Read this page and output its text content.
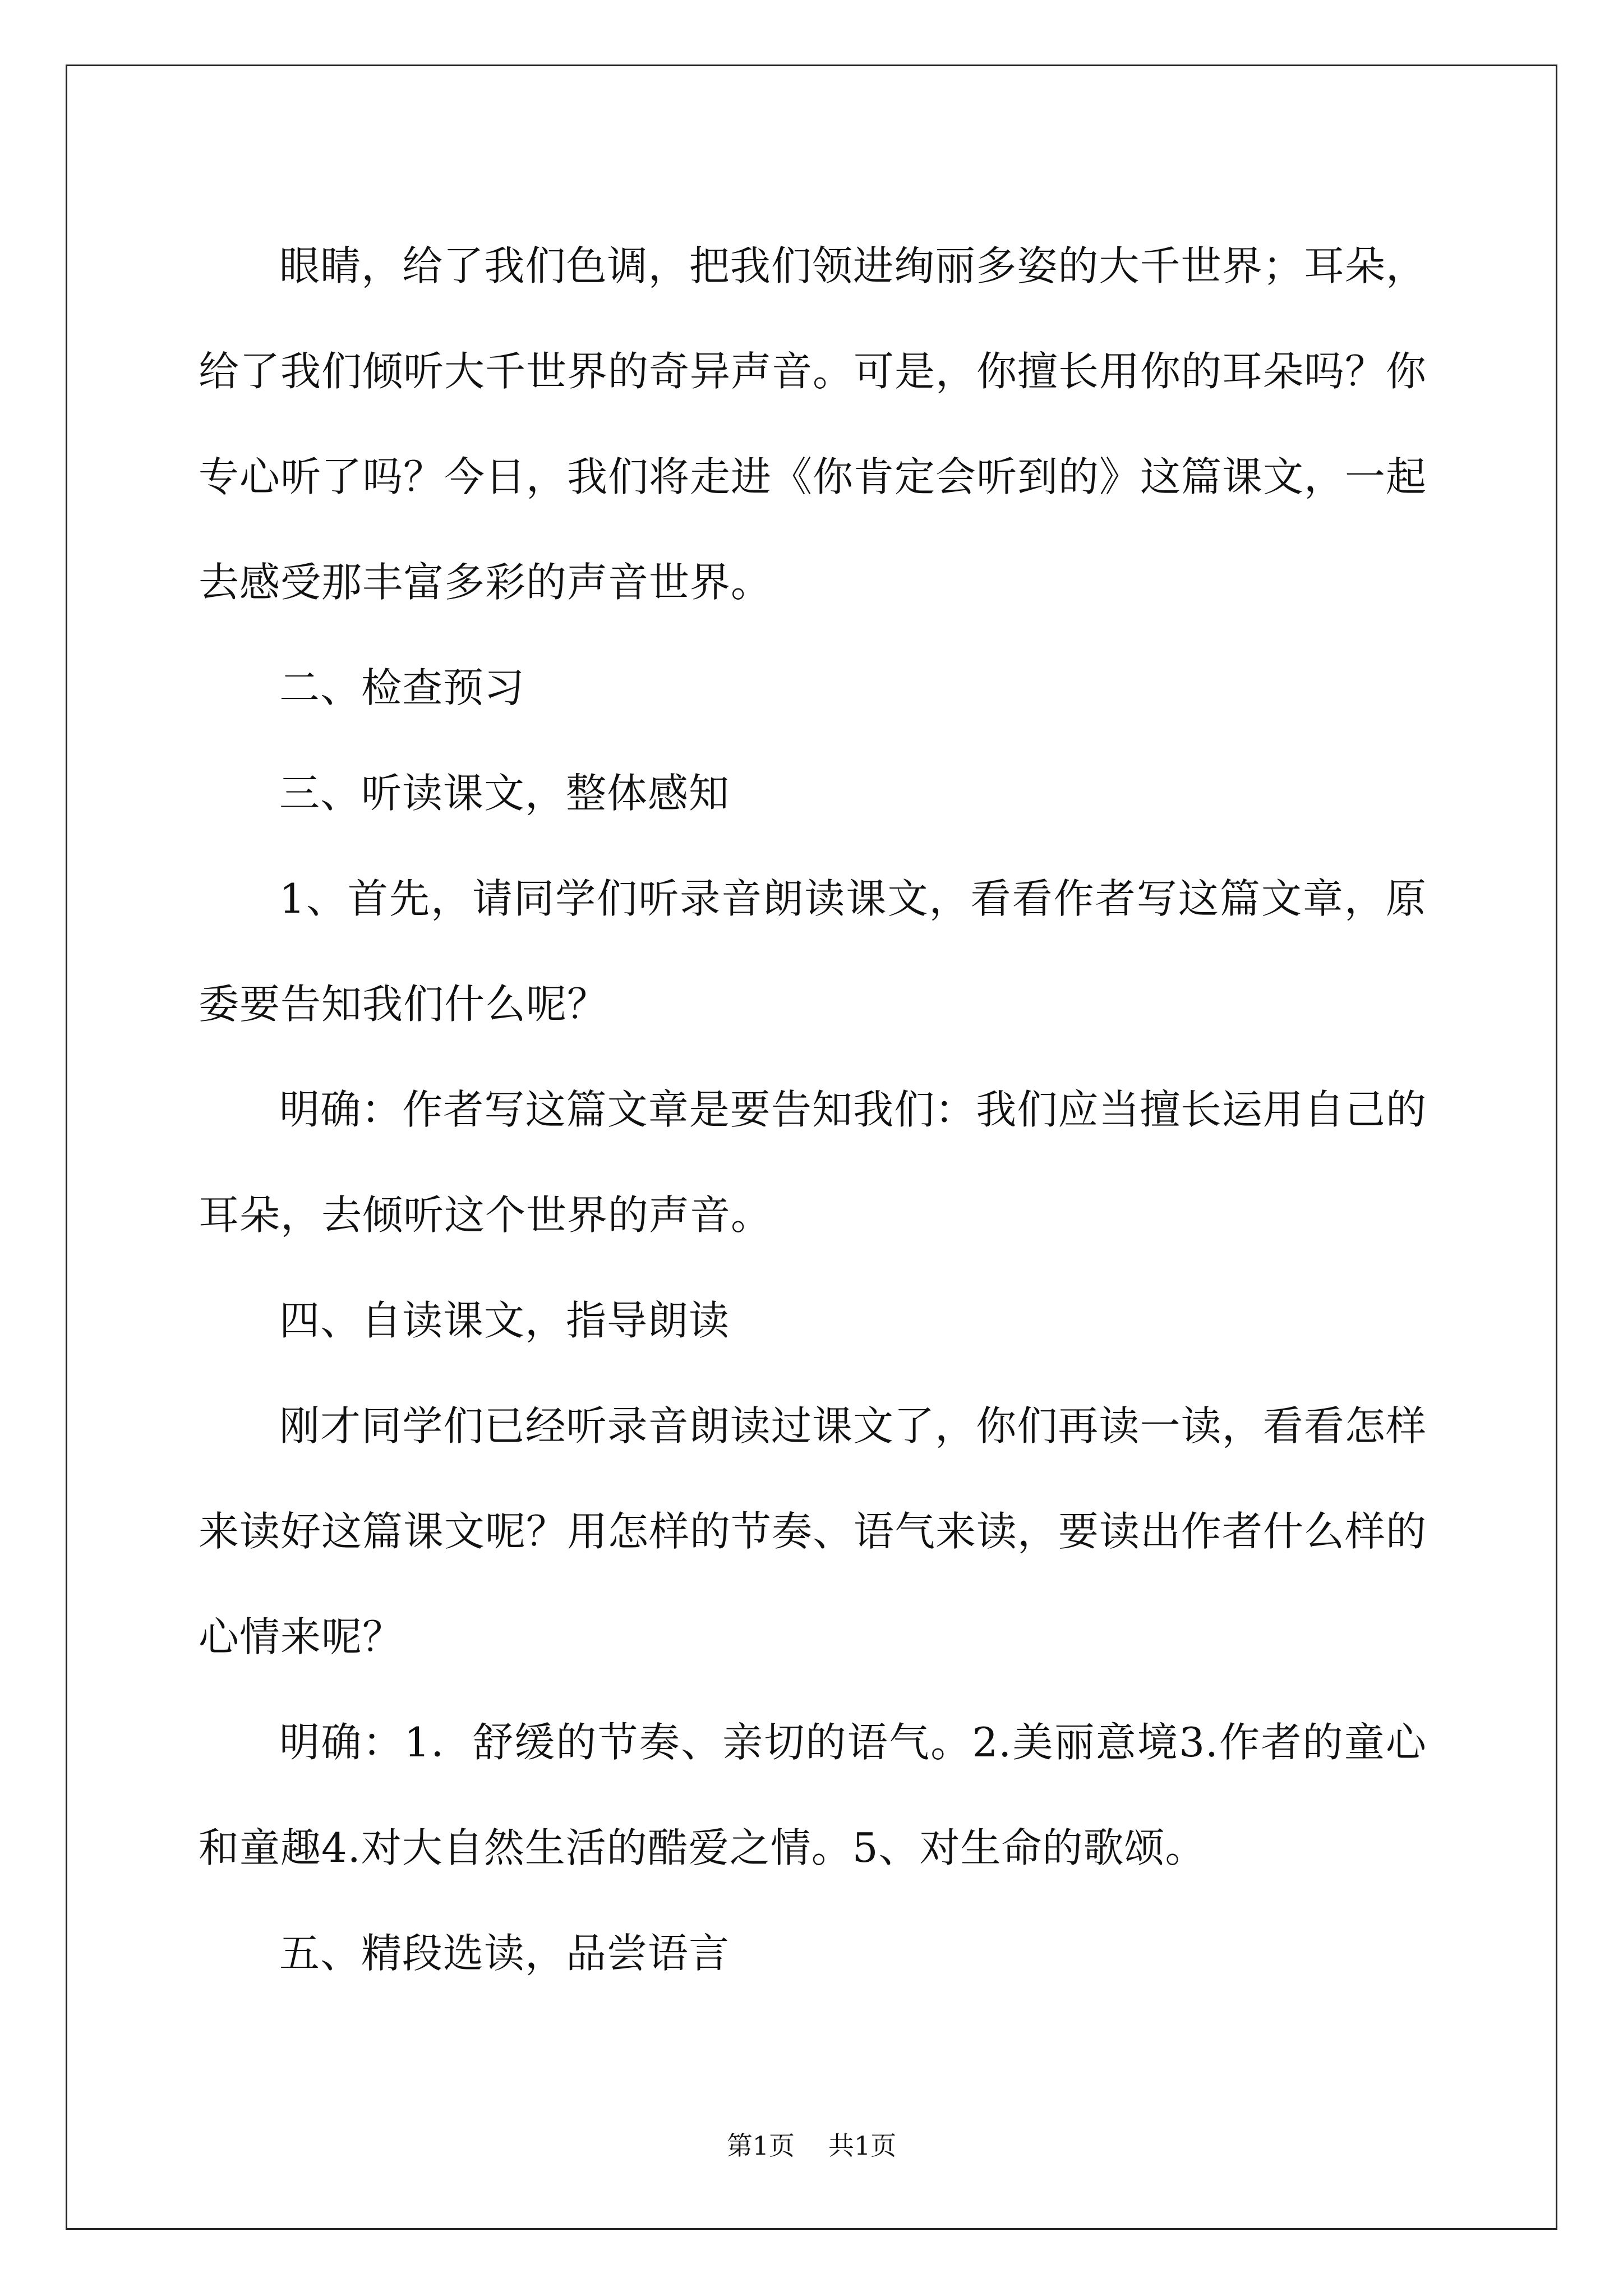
眼睛，给了我们色调，把我们领进绚丽多姿的大千世界；耳朵，给了我们倾听大千世界的奇异声音。可是，你擅长用你的耳朵吗？你专心听了吗？今日，我们将走进《你肯定会听到的》这篇课文，一起去感受那丰富多彩的声音世界。

二、检查预习

三、听读课文，整体感知

1、首先，请同学们听录音朗读课文，看看作者写这篇文章，原委要告知我们什么呢？

明确：作者写这篇文章是要告知我们：我们应当擅长运用自己的耳朵，去倾听这个世界的声音。

四、自读课文，指导朗读

刚才同学们已经听录音朗读过课文了，你们再读一读，看看怎样来读好这篇课文呢？用怎样的节奏、语气来读，要读出作者什么样的心情来呢？

明确：1．舒缓的节奏、亲切的语气。2.美丽意境3.作者的童心和童趣4.对大自然生活的酷爱之情。5、对生命的歌颂。

五、精段选读，品尝语言

第1页 共1页
